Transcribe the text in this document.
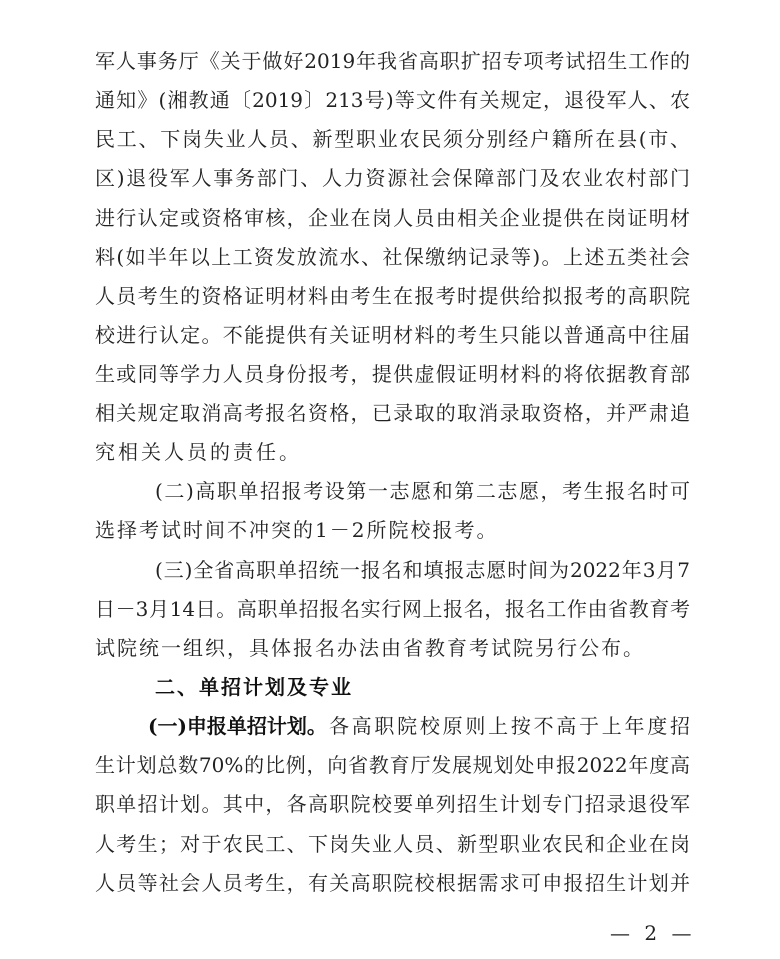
军人事务厅《关于做好2019年我省高职扩招专项考试招生工作的
通知》(湘教通〔2019〕213号)等文件有关规定，退役军人、农
民工、下岗失业人员、新型职业农民须分别经户籍所在县(市、
区)退役军人事务部门、人力资源社会保障部门及农业农村部门
进行认定或资格审核，企业在岗人员由相关企业提供在岗证明材
料(如半年以上工资发放流水、社保缴纳记录等)。上述五类社会
人员考生的资格证明材料由考生在报考时提供给拟报考的高职院
校进行认定。不能提供有关证明材料的考生只能以普通高中往届
生或同等学力人员身份报考，提供虚假证明材料的将依据教育部
相关规定取消高考报名资格，已录取的取消录取资格，并严肃追
究相关人员的责任。
(二)高职单招报考设第一志愿和第二志愿，考生报名时可
选择考试时间不冲突的1－2所院校报考。
(三)全省高职单招统一报名和填报志愿时间为2022年3月7
日－3月14日。高职单招报名实行网上报名，报名工作由省教育考
试院统一组织，具体报名办法由省教育考试院另行公布。
二、单招计划及专业
(一)申报单招计划。 各高职院校原则上按不高于上年度招
生计划总数70%的比例，向省教育厅发展规划处申报2022年度高
职单招计划。其中，各高职院校要单列招生计划专门招录退役军
人考生；对于农民工、下岗失业人员、新型职业农民和企业在岗
人员等社会人员考生，有关高职院校根据需求可申报招生计划并
— 2 —
